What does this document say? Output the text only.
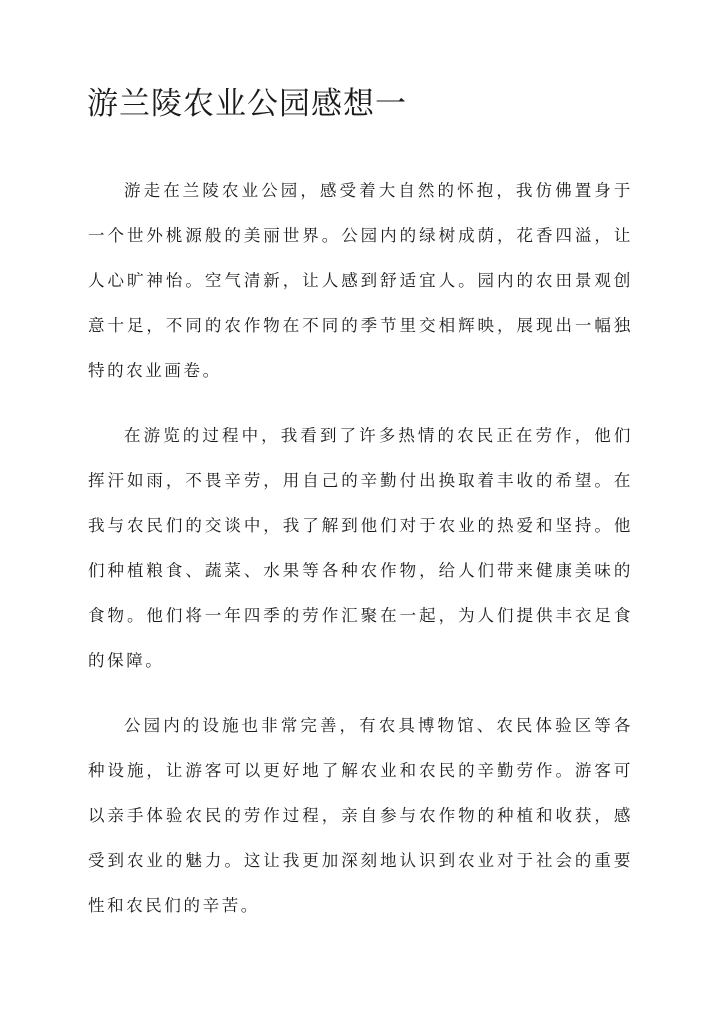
游兰陵农业公园感想一

游走在兰陵农业公园，感受着大自然的怀抱，我仿佛置身于一个世外桃源般的美丽世界。公园内的绿树成荫，花香四溢，让人心旷神怡。空气清新，让人感到舒适宜人。园内的农田景观创意十足，不同的农作物在不同的季节里交相辉映，展现出一幅独特的农业画卷。

在游览的过程中，我看到了许多热情的农民正在劳作，他们挥汗如雨，不畏辛劳，用自己的辛勤付出换取着丰收的希望。在我与农民们的交谈中，我了解到他们对于农业的热爱和坚持。他们种植粮食、蔬菜、水果等各种农作物，给人们带来健康美味的食物。他们将一年四季的劳作汇聚在一起，为人们提供丰衣足食的保障。

公园内的设施也非常完善，有农具博物馆、农民体验区等各种设施，让游客可以更好地了解农业和农民的辛勤劳作。游客可以亲手体验农民的劳作过程，亲自参与农作物的种植和收获，感受到农业的魅力。这让我更加深刻地认识到农业对于社会的重要性和农民们的辛苦。
